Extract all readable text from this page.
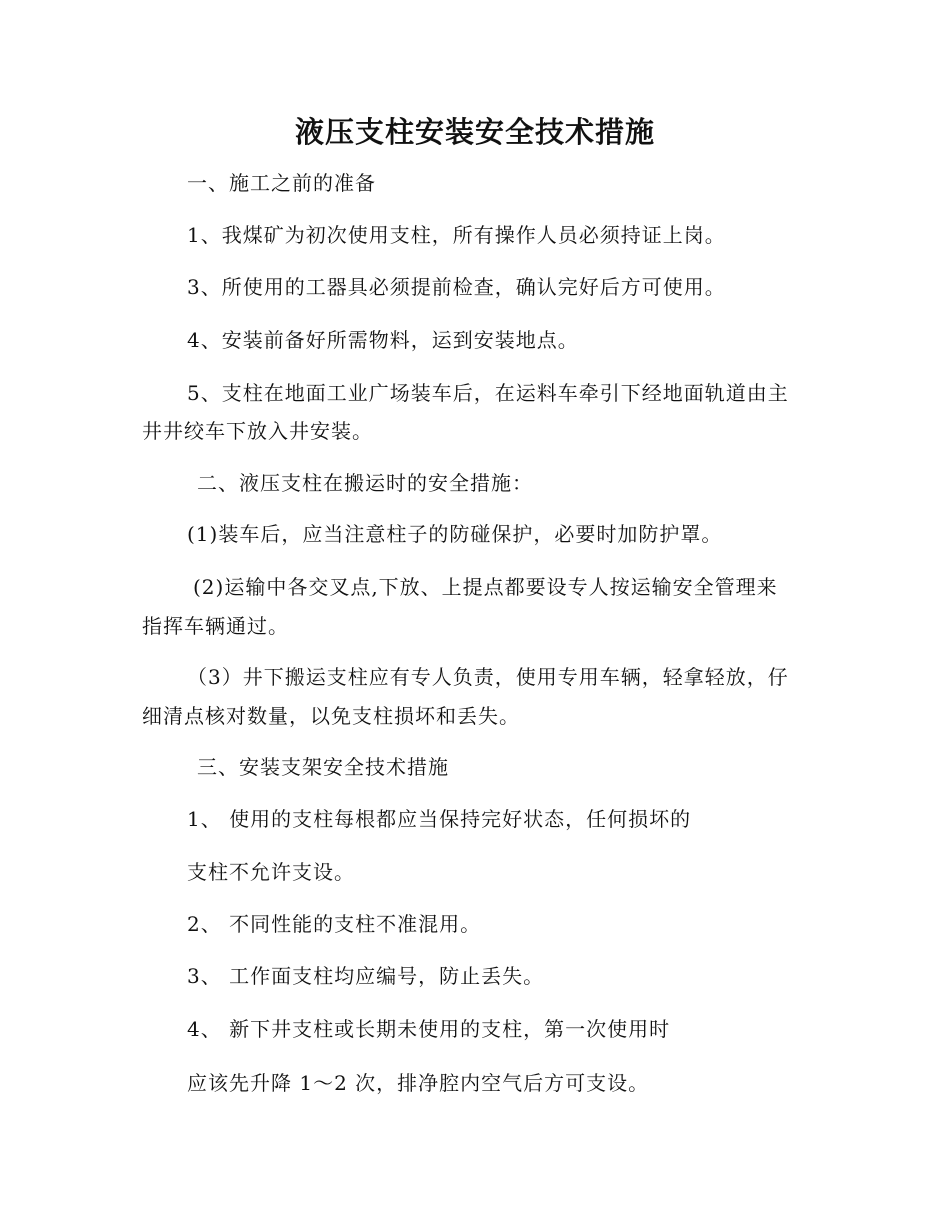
液压支柱安装安全技术措施
一、施工之前的准备
1、我煤矿为初次使用支柱，所有操作人员必须持证上岗。
3、所使用的工器具必须提前检查，确认完好后方可使用。
4、安装前备好所需物料，运到安装地点。
5、支柱在地面工业广场装车后，在运料车牵引下经地面轨道由主
井井绞车下放入井安装。
二、液压支柱在搬运时的安全措施：
(1)装车后，应当注意柱子的防碰保护，必要时加防护罩。
(2)运输中各交叉点,下放、上提点都要设专人按运输安全管理来
指挥车辆通过。
（3）井下搬运支柱应有专人负责，使用专用车辆，轻拿轻放，仔
细清点核对数量，以免支柱损坏和丢失。
三、安装支架安全技术措施
1、 使用的支柱每根都应当保持完好状态，任何损坏的
支柱不允许支设。
2、 不同性能的支柱不准混用。
3、 工作面支柱均应编号，防止丢失。
4、 新下井支柱或长期未使用的支柱，第一次使用时
应该先升降 1～2 次，排净腔内空气后方可支设。
